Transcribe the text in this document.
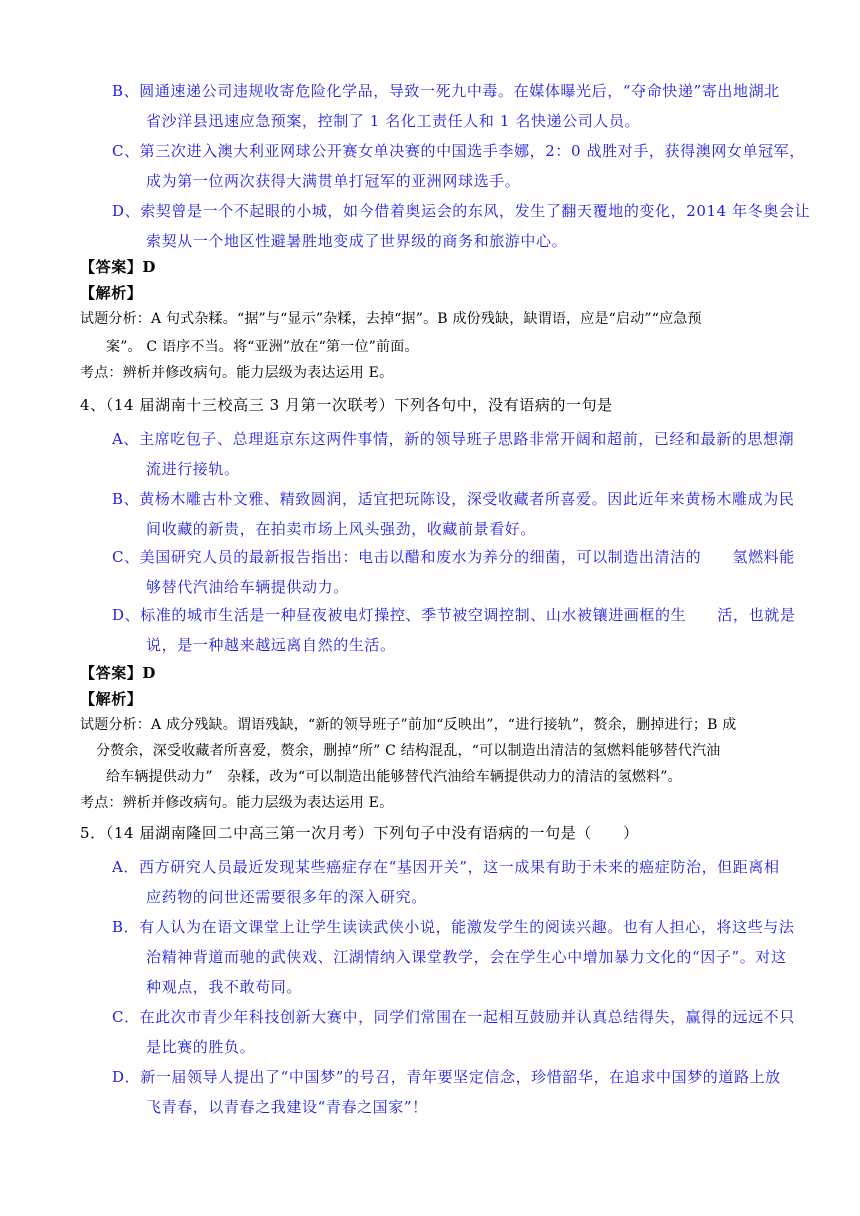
B、圆通速递公司违规收寄危险化学品，导致一死九中毒。在媒体曝光后，“夺命快递”寄出地湖北
省沙洋县迅速应急预案，控制了 1 名化工责任人和 1 名快递公司人员。
C、第三次进入澳大利亚网球公开赛女单决赛的中国选手李娜，2：0 战胜对手，获得澳网女单冠军，
成为第一位两次获得大满贯单打冠军的亚洲网球选手。
D、索契曾是一个不起眼的小城，如今借着奥运会的东风，发生了翻天覆地的变化，2014 年冬奥会让
索契从一个地区性避暑胜地变成了世界级的商务和旅游中心。
【答案】D
【解析】
试题分析：A 句式杂糅。“据”与“显示”杂糅，去掉“据”。B 成份残缺，缺谓语，应是“启动”“应急预
案”。 C 语序不当。将“亚洲”放在“第一位”前面。
考点：辨析并修改病句。能力层级为表达运用 E。
4、（14 届湖南十三校高三 3 月第一次联考）下列各句中，没有语病的一句是
A、主席吃包子、总理逛京东这两件事情，新的领导班子思路非常开阔和超前，已经和最新的思想潮
流进行接轨。
B、黄杨木雕古朴文雅、精致圆润，适宜把玩陈设，深受收藏者所喜爱。因此近年来黄杨木雕成为民
间收藏的新贵，在拍卖市场上风头强劲，收藏前景看好。
C、美国研究人员的最新报告指出：电击以醋和废水为养分的细菌，可以制造出清洁的　　氢燃料能
够替代汽油给车辆提供动力。
D、标准的城市生活是一种昼夜被电灯操控、季节被空调控制、山水被镶进画框的生　　活，也就是
说，是一种越来越远离自然的生活。
【答案】D
【解析】
试题分析：A 成分残缺。谓语残缺，“新的领导班子”前加“反映出”，“进行接轨”，赘余，删掉进行；B 成
分赘余，深受收藏者所喜爱，赘余，删掉“所” C 结构混乱，“可以制造出清洁的氢燃料能够替代汽油
给车辆提供动力”　杂糅，改为“可以制造出能够替代汽油给车辆提供动力的清洁的氢燃料”。
考点：辨析并修改病句。能力层级为表达运用 E。
5．（14 届湖南隆回二中高三第一次月考）下列句子中没有语病的一句是（　　）
A．西方研究人员最近发现某些癌症存在“基因开关”，这一成果有助于未来的癌症防治，但距离相
应药物的问世还需要很多年的深入研究。
B．有人认为在语文课堂上让学生读读武侠小说，能激发学生的阅读兴趣。也有人担心，将这些与法
治精神背道而驰的武侠戏、江湖情纳入课堂教学，会在学生心中增加暴力文化的“因子”。对这
种观点，我不敢苟同。
C．在此次市青少年科技创新大赛中，同学们常围在一起相互鼓励并认真总结得失，赢得的远远不只
是比赛的胜负。
D．新一届领导人提出了“中国梦”的号召，青年要坚定信念，珍惜韶华，在追求中国梦的道路上放
飞青春，以青春之我建设“青春之国家”！
